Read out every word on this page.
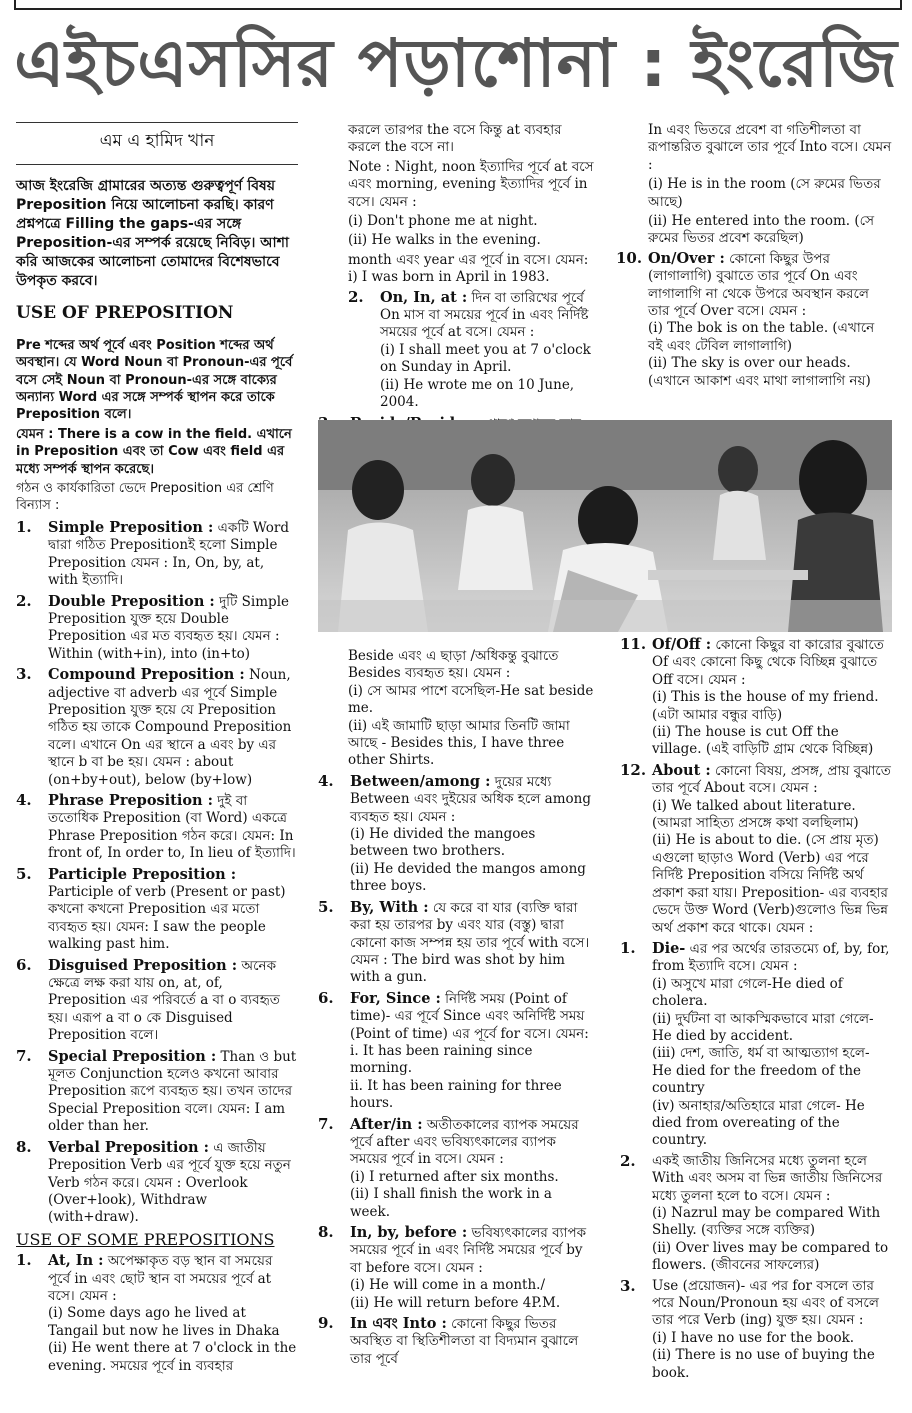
এইচএসসির পড়াশোনা : ইংরেজি
এম এ হামিদ খান

আজ ইংরেজি গ্রামারের অত্যন্ত গুরুত্বপূর্ণ বিষয় Preposition নিয়ে আলোচনা করছি। কারণ প্রশ্নপত্রে Filling the gaps-এর সঙ্গে Preposition-এর সম্পর্ক রয়েছে নিবিড়। আশা করি আজকের আলোচনা তোমাদের বিশেষভাবে উপকৃত করবে।

USE OF PREPOSITION

Pre শব্দের অর্থ পূর্বে এবং Position শব্দের অর্থ অবস্থান। যে Word Noun বা Pronoun-এর পূর্বে বসে সেই Noun বা Pronoun-এর সঙ্গে বাক্যের অন্যান্য Word এর সঙ্গে সম্পর্ক স্থাপন করে তাকে Preposition বলে।

যেমন : There is a cow in the field. এখানে in Preposition এবং তা Cow এবং field এর মধ্যে সম্পর্ক স্থাপন করেছে।

গঠন ও কার্যকারিতা ভেদে Preposition এর শ্রেণি বিন্যাস :

1. Simple Preposition : একটি Word দ্বারা গঠিত Prepositionই হলো Simple Preposition যেমন : In, On, by, at, with ইত্যাদি।
2. Double Preposition : দুটি Simple Preposition যুক্ত হয়ে Double Preposition এর মত ব্যবহৃত হয়। যেমন : Within (with+in), into (in+to)
3. Compound Preposition : Noun, adjective বা adverb এর পূর্বে Simple Preposition যুক্ত হয়ে যে Preposition গঠিত হয় তাকে Compound Preposition বলে। এখানে On এর স্থানে a এবং by এর স্থানে b বা be হয়। যেমন : about (on+by+out), below (by+low)
4. Phrase Preposition : দুই বা ততোধিক Preposition (বা Word) একত্রে Phrase Preposition গঠন করে। যেমন: In front of, In order to, In lieu of ইত্যাদি।
5. Participle Preposition : Participle of verb (Present or past) কখনো কখনো Preposition এর মতো ব্যবহৃত হয়। যেমন: I saw the people walking past him.
6. Disguised Preposition : অনেক ক্ষেত্রে লক্ষ করা যায় on, at, of, Preposition এর পরিবর্তে a বা o ব্যবহৃত হয়। এরূপ a বা o কে Disguised Preposition বলে।
7. Special Preposition : Than ও but মূলত Conjunction হলেও কখনো আবার Preposition রূপে ব্যবহৃত হয়। তখন তাদের Special Preposition বলে। যেমন: I am older than her.
8. Verbal Preposition : এ জাতীয় Preposition Verb এর পূর্বে যুক্ত হয়ে নতুন Verb গঠন করে। যেমন : Overlook (Over+look), Withdraw (with+draw).
USE OF SOME PREPOSITIONS
1. At, In : অপেক্ষাকৃত বড় স্থান বা সময়ের পূর্বে in এবং ছোট স্থান বা সময়ের পূর্বে at বসে। যেমন :

(i) Some days ago he lived at Tangail but now he lives in Dhaka

(ii) He went there at 7 o'clock in the evening. সময়ের পূর্বে in ব্যবহার

করলে তারপর the বসে কিন্তু at ব্যবহার করলে the বসে না।

Note : Night, noon ইত্যাদির পূর্বে at বসে এবং morning, evening ইত্যাদির পূর্বে in বসে। যেমন :

(i) Don't phone me at night.

(ii) He walks in the evening.

month এবং year এর পূর্বে in বসে। যেমন: i) I was born in April in 1983.

2. On, In, at : দিন বা তারিখের পূর্বে On মাস বা সময়ের পূর্বে in এবং নির্দিষ্ট সময়ের পূর্বে at বসে। যেমন :

(i) I shall meet you at 7 o'clock on Sunday in April.

(ii) He wrote me on 10 June, 2004.

In এবং ভিতরে প্রবেশ বা গতিশীলতা বা রূপান্তরিত বুঝালে তার পূর্বে Into বসে। যেমন :

(i) He is in the room (সে রুমের ভিতর আছে)

(ii) He entered into the room. (সে রুমের ভিতর প্রবেশ করেছিল)

10. On/Over : কোনো কিছুর উপর (লাগালাগি) বুঝাতে তার পূর্বে On এবং লাগালাগি না থেকে উপরে অবস্থান করলে তার পূর্বে Over বসে। যেমন :

(i) The bok is on the table. (এখানে বই এবং টেবিল লাগালাগি)

(ii) The sky is over our heads. (এখানে আকাশ এবং মাথা লাগালাগি নয়)

Beside এবং এ ছাড়া /অধিকন্তু বুঝাতে Besides ব্যবহৃত হয়। যেমন :

(i) সে আমর পাশে বসেছিল-He sat beside me.

(ii) এই জামাটি ছাড়া আমার তিনটি জামা আছে - Besides this, I have three other Shirts.

4. Between/among : দুয়ের মধ্যে Between এবং দুইয়ের অধিক হলে among ব্যবহৃত হয়। যেমন :

(i) He divided the mangoes between two brothers.

(ii) He devided the mangos among three boys.

5. By, With : যে করে বা যার (ব্যক্তি দ্বারা করা হয় তারপর by এবং যার (বস্তু) দ্বারা কোনো কাজ সম্পন্ন হয় তার পূর্বে with বসে।

যেমন : The bird was shot by him with a gun.

6. For, Since : নির্দিষ্ট সময় (Point of time)- এর পূর্বে Since এবং অনির্দিষ্ট সময় (Point of time) এর পূর্বে for বসে। যেমন:

i. It has been raining since morning.

ii. It has been raining for three hours.

7. After/in : অতীতকালের ব্যাপক সময়ের পূর্বে after এবং ভবিষ্যৎকালের ব্যাপক সময়ের পূর্বে in বসে। যেমন :

(i) I returned after six months.

(ii) I shall finish the work in a week.

8. In, by, before : ভবিষ্যৎকালের ব্যাপক সময়ের পূর্বে in এবং নির্দিষ্ট সময়ের পূর্বে by বা before বসে। যেমন :

(i) He will come in a month./

(ii) He will return before 4P.M.

9. In এবং Into : কোনো কিছুর ভিতর অবস্থিত বা স্থিতিশীলতা বা বিদ্যমান বুঝালে তার পূর্বে
11. Of/Off : কোনো কিছুর বা কারোর বুঝাতে Of এবং কোনো কিছু থেকে বিচ্ছিন্ন বুঝাতে Off বসে। যেমন :

(i) This is the house of my friend. (এটা আমার বন্ধুর বাড়ি)

(ii) The house is cut Off the village. (এই বাড়িটি গ্রাম থেকে বিচ্ছিন্ন)

12. About : কোনো বিষয়, প্রসঙ্গ, প্রায় বুঝাতে তার পূর্বে About বসে। যেমন :

(i) We talked about literature. (আমরা সাহিত্য প্রসঙ্গে কথা বলছিলাম)

(ii) He is about to die. (সে প্রায় মৃত)

এগুলো ছাড়াও Word (Verb) এর পরে নির্দিষ্ট Preposition বসিয়ে নির্দিষ্ট অর্থ প্রকাশ করা যায়। Preposition- এর ব্যবহার ভেদে উক্ত Word (Verb)গুলোও ভিন্ন ভিন্ন অর্থ প্রকাশ করে থাকে। যেমন :

1. Die- এর পর অর্থের তারতম্যে of, by, for, from ইত্যাদি বসে। যেমন :

(i) অসুখে মারা গেলে-He died of cholera.

(ii) দুর্ঘটনা বা আকস্মিকভাবে মারা গেলে-He died by accident.

(iii) দেশ, জাতি, ধর্ম বা আত্মত্যাগ হলে- He died for the freedom of the country

(iv) অনাহার/অতিহারে মারা গেলে- He died from overeating of the country.

2. একই জাতীয় জিনিসের মধ্যে তুলনা হলে With এবং অসম বা ভিন্ন জাতীয় জিনিসের মধ্যে তুলনা হলে to বসে। যেমন :

(i) Nazrul may be compared With Shelly. (ব্যক্তির সঙ্গে ব্যক্তির)

(ii) Over lives may be compared to flowers. (জীবনের সাফল্যের)

3. Use (প্রয়োজন)- এর পর for বসলে তার পরে Noun/Pronoun হয় এবং of বসলে তার পরে Verb (ing) যুক্ত হয়। যেমন :

(i) I have no use for the book.

(ii) There is no use of buying the book.
